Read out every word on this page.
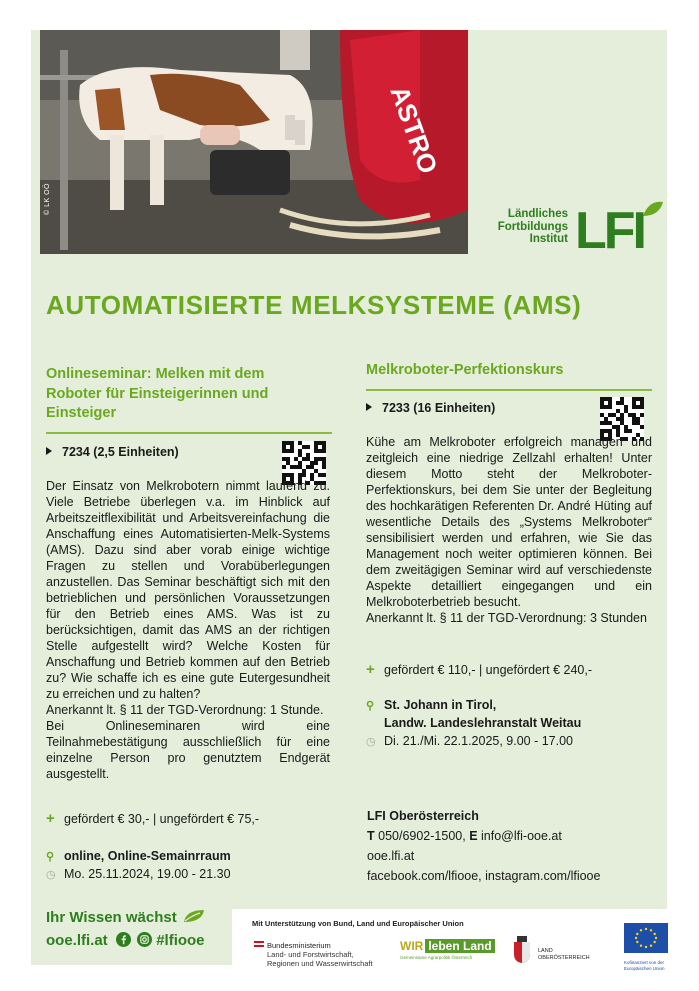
ASTRO
© LK OÖ	Ländliches
Fortbildungs
Institut LFI
AUTOMATISIERTE MELKSYSTEME (AMS)
Onlineseminar: Melken mit dem Roboter für Einsteigerinnen und Einsteiger
7234 (2,5 Einheiten)

Der Einsatz von Melkrobotern nimmt laufend zu. Viele Betriebe überlegen v.a. im Hinblick auf Arbeitszeitflexibilität und Arbeitsvereinfachung die Anschaffung eines Automatisierten-Melk-Systems (AMS). Dazu sind aber vorab einige wichtige Fragen zu stellen und Vorabüberlegungen anzustellen. Das Seminar beschäftigt sich mit den betrieblichen und persönlichen Voraussetzungen für den Betrieb eines AMS. Was ist zu berücksichtigen, damit das AMS an der richtigen Stelle aufgestellt wird? Welche Kosten für Anschaffung und Betrieb kommen auf den Betrieb zu? Wie schaffe ich es eine gute Eutergesundheit zu erreichen und zu halten?

Anerkannt lt. § 11 der TGD-Verordnung: 1 Stunde.

Bei Onlineseminaren wird eine Teilnahmebestätigung ausschließlich für eine einzelne Person pro genutztem Endgerät ausgestellt.

+ gefördert € 30,- | ungefördert € 75,-
⚲ online, Online-Semainrraum
◷ Mo. 25.11.2024, 19.00 - 21.30
Melkroboter-Perfektionskurs
7233 (16 Einheiten)

Kühe am Melkroboter erfolgreich managen und zeitgleich eine niedrige Zellzahl erhalten! Unter diesem Motto steht der Melkroboter-Perfektionskurs, bei dem Sie unter der Begleitung des hochkarätigen Referenten Dr. André Hüting auf wesentliche Details des „Systems Melkroboter“ sensibilisiert werden und erfahren, wie Sie das Management noch weiter optimieren können. Bei dem zweitägigen Seminar wird auf verschiedenste Aspekte detailliert eingegangen und ein Melkroboterbetrieb besucht.

Anerkannt lt. § 11 der TGD-Verordnung: 3 Stunden

+ gefördert € 110,- | ungefördert € 240,-
⚲ St. Johann in Tirol,
Landw. Landeslehranstalt Weitau
◷ Di. 21./Mi. 22.1.2025, 9.00 - 17.00
LFI Oberösterreich
T 050/6902-1500, E info@lfi-ooe.at
ooe.lfi.at
facebook.com/lfiooe, instagram.com/lfiooe
Ihr Wissen wächst
ooe.lfi.at	#lfiooe
Mit Unterstützung von Bund, Land und Europäischer Union
Bundesministerium
Land- und Forstwirtschaft,
Regionen und Wasserwirtschaft
WIR leben Land
Gemeinsame Agrarpolitik Österreich
LAND
OBERÖSTERREICH
Kofinanziert von der
Europäischen Union
